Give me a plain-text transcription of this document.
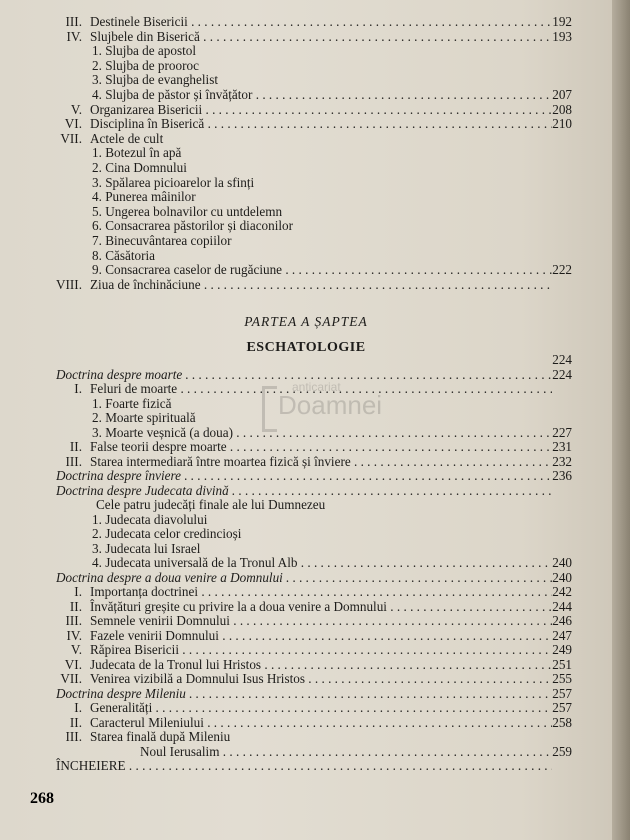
anticariat
Doamnei
PARTEA A ȘAPTEA
ESCHATOLOGIE
III. Destinele Bisericii . . .	192
IV. Slujbele din Biserică . . .	193
1. Slujba de apostol
2. Slujba de prooroc
3. Slujba de evanghelist
4. Slujba de păstor și învățător . . .	207
V. Organizarea Bisericii . . .	208
VI. Disciplina în Biserică . . .	210
VII. Actele de cult
1. Botezul în apă
2. Cina Domnului
3. Spălarea picioarelor la sfinți
4. Punerea mâinilor
5. Ungerea bolnavilor cu untdelemn
6. Consacrarea păstorilor și diaconilor
7. Binecuvântarea copiilor
8. Căsătoria
9. Consacrarea caselor de rugăciune . . .	222
VIII. Ziua de închinăciune . . .
224
Doctrina despre moarte . . .	224
I. Feluri de moarte . . .
1. Foarte fizică
2. Moarte spirituală
3. Moarte veșnică (a doua) . . .	227
II. False teorii despre moarte . . .	231
III. Starea intermediară între moartea fizică și înviere . . .	232
Doctrina despre înviere . . .	236
Doctrina despre Judecata divină . . .
Cele patru judecăți finale ale lui Dumnezeu
1. Judecata diavolului
2. Judecata celor credincioși
3. Judecata lui Israel
4. Judecata universală de la Tronul Alb . . .	240
Doctrina despre a doua venire a Domnului . . .	240
I. Importanța doctrinei . . .	242
II. Învățături greșite cu privire la a doua venire a Domnului . . .	244
III. Semnele venirii Domnului . . .	246
IV. Fazele venirii Domnului . . .	247
V. Răpirea Bisericii . . .	249
VI. Judecata de la Tronul lui Hristos . . .	251
VII. Venirea vizibilă a Domnului Isus Hristos . . .	255
Doctrina despre Mileniu . . .	257
I. Generalități . . .	257
II. Caracterul Mileniului . . .	258
III. Starea finală după Mileniu
Noul Ierusalim . . .	259
ÎNCHEIERE . . .
268
